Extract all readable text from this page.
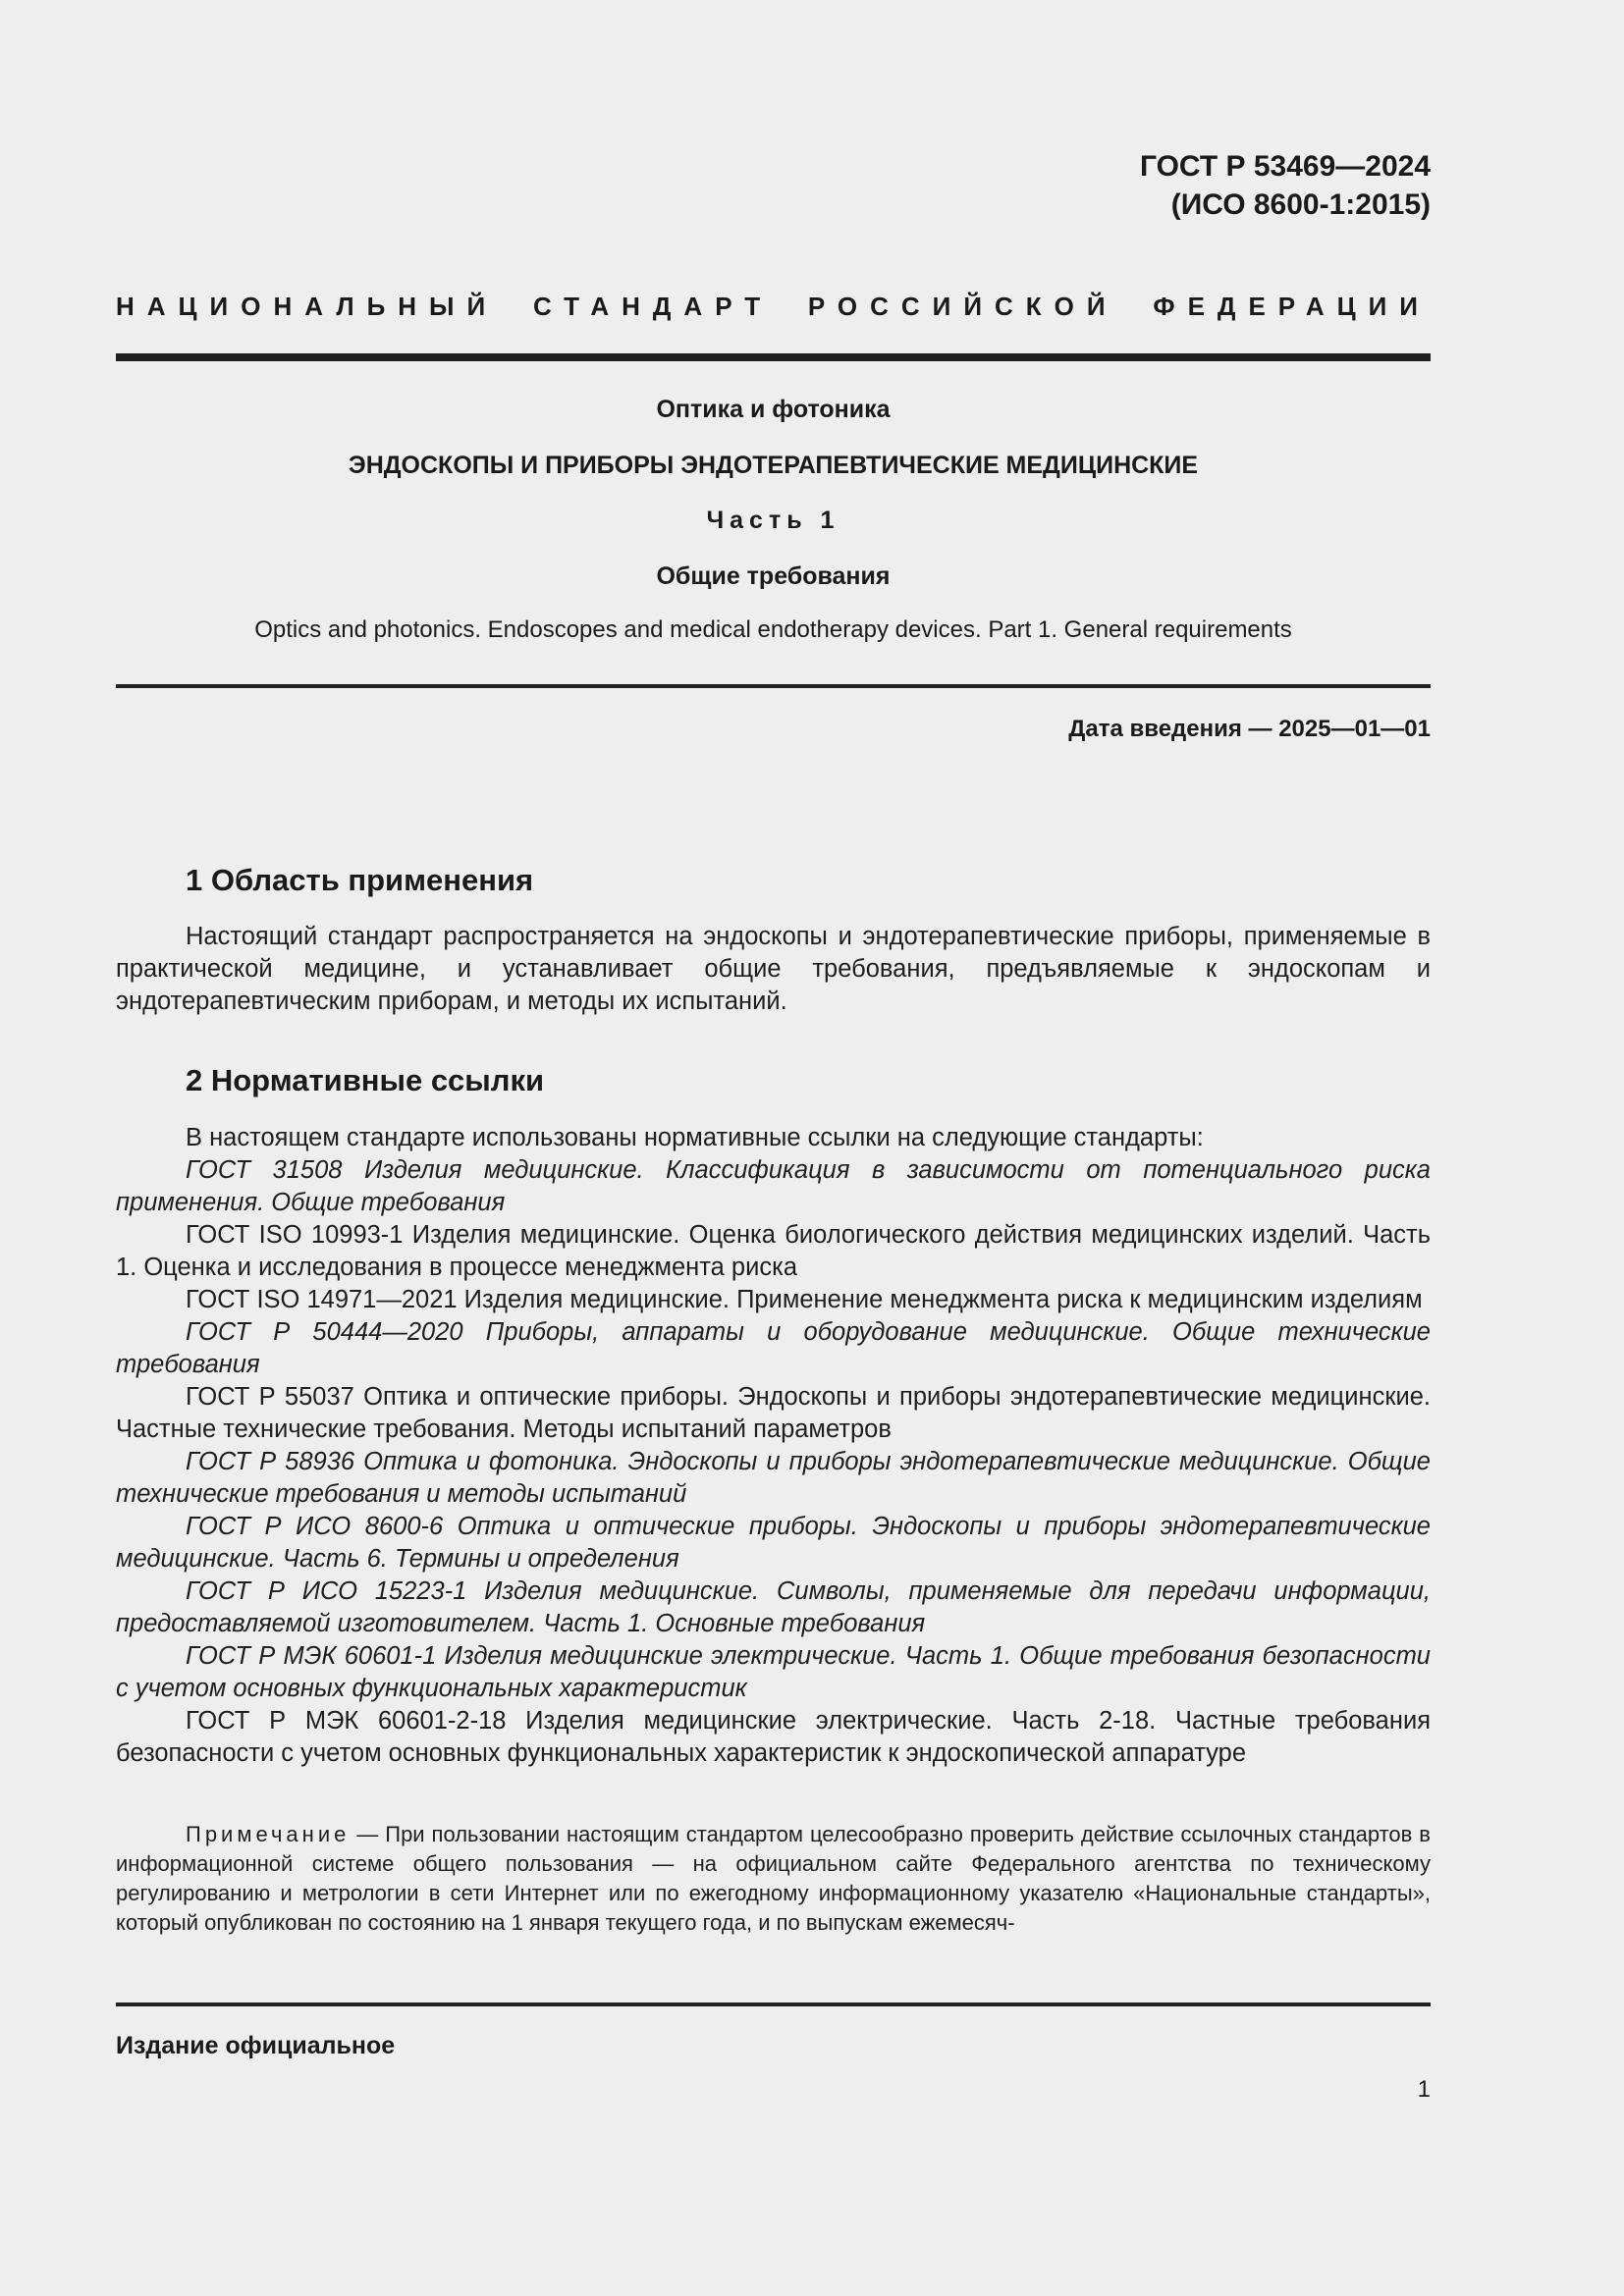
ГОСТ Р 53469—2024
(ИСО 8600-1:2015)
НАЦИОНАЛЬНЫЙ СТАНДАРТ РОССИЙСКОЙ ФЕДЕРАЦИИ
Оптика и фотоника
ЭНДОСКОПЫ И ПРИБОРЫ ЭНДОТЕРАПЕВТИЧЕСКИЕ МЕДИЦИНСКИЕ
Часть 1
Общие требования
Optics and photonics. Endoscopes and medical endotherapy devices. Part 1. General requirements
Дата введения — 2025—01—01
1 Область применения

Настоящий стандарт распространяется на эндоскопы и эндотерапевтические приборы, применяемые в практической медицине, и устанавливает общие требования, предъявляемые к эндоскопам и эндотерапевтическим приборам, и методы их испытаний.

2 Нормативные ссылки

В настоящем стандарте использованы нормативные ссылки на следующие стандарты:

ГОСТ 31508 Изделия медицинские. Классификация в зависимости от потенциального риска применения. Общие требования

ГОСТ ISO 10993-1 Изделия медицинские. Оценка биологического действия медицинских изделий. Часть 1. Оценка и исследования в процессе менеджмента риска

ГОСТ ISO 14971—2021 Изделия медицинские. Применение менеджмента риска к медицинским изделиям

ГОСТ Р 50444—2020 Приборы, аппараты и оборудование медицинские. Общие технические требования

ГОСТ Р 55037 Оптика и оптические приборы. Эндоскопы и приборы эндотерапевтические медицинские. Частные технические требования. Методы испытаний параметров

ГОСТ Р 58936 Оптика и фотоника. Эндоскопы и приборы эндотерапевтические медицинские. Общие технические требования и методы испытаний

ГОСТ Р ИСО 8600-6 Оптика и оптические приборы. Эндоскопы и приборы эндотерапевтические медицинские. Часть 6. Термины и определения

ГОСТ Р ИСО 15223-1 Изделия медицинские. Символы, применяемые для передачи информации, предоставляемой изготовителем. Часть 1. Основные требования

ГОСТ Р МЭК 60601-1 Изделия медицинские электрические. Часть 1. Общие требования безопасности с учетом основных функциональных характеристик

ГОСТ Р МЭК 60601-2-18 Изделия медицинские электрические. Часть 2-18. Частные требования безопасности с учетом основных функциональных характеристик к эндоскопической аппаратуре

Примечание — При пользовании настоящим стандартом целесообразно проверить действие ссылочных стандартов в информационной системе общего пользования — на официальном сайте Федерального агентства по техническому регулированию и метрологии в сети Интернет или по ежегодному информационному указателю «Национальные стандарты», который опубликован по состоянию на 1 января текущего года, и по выпускам ежемесяч-

Издание официальное
1
